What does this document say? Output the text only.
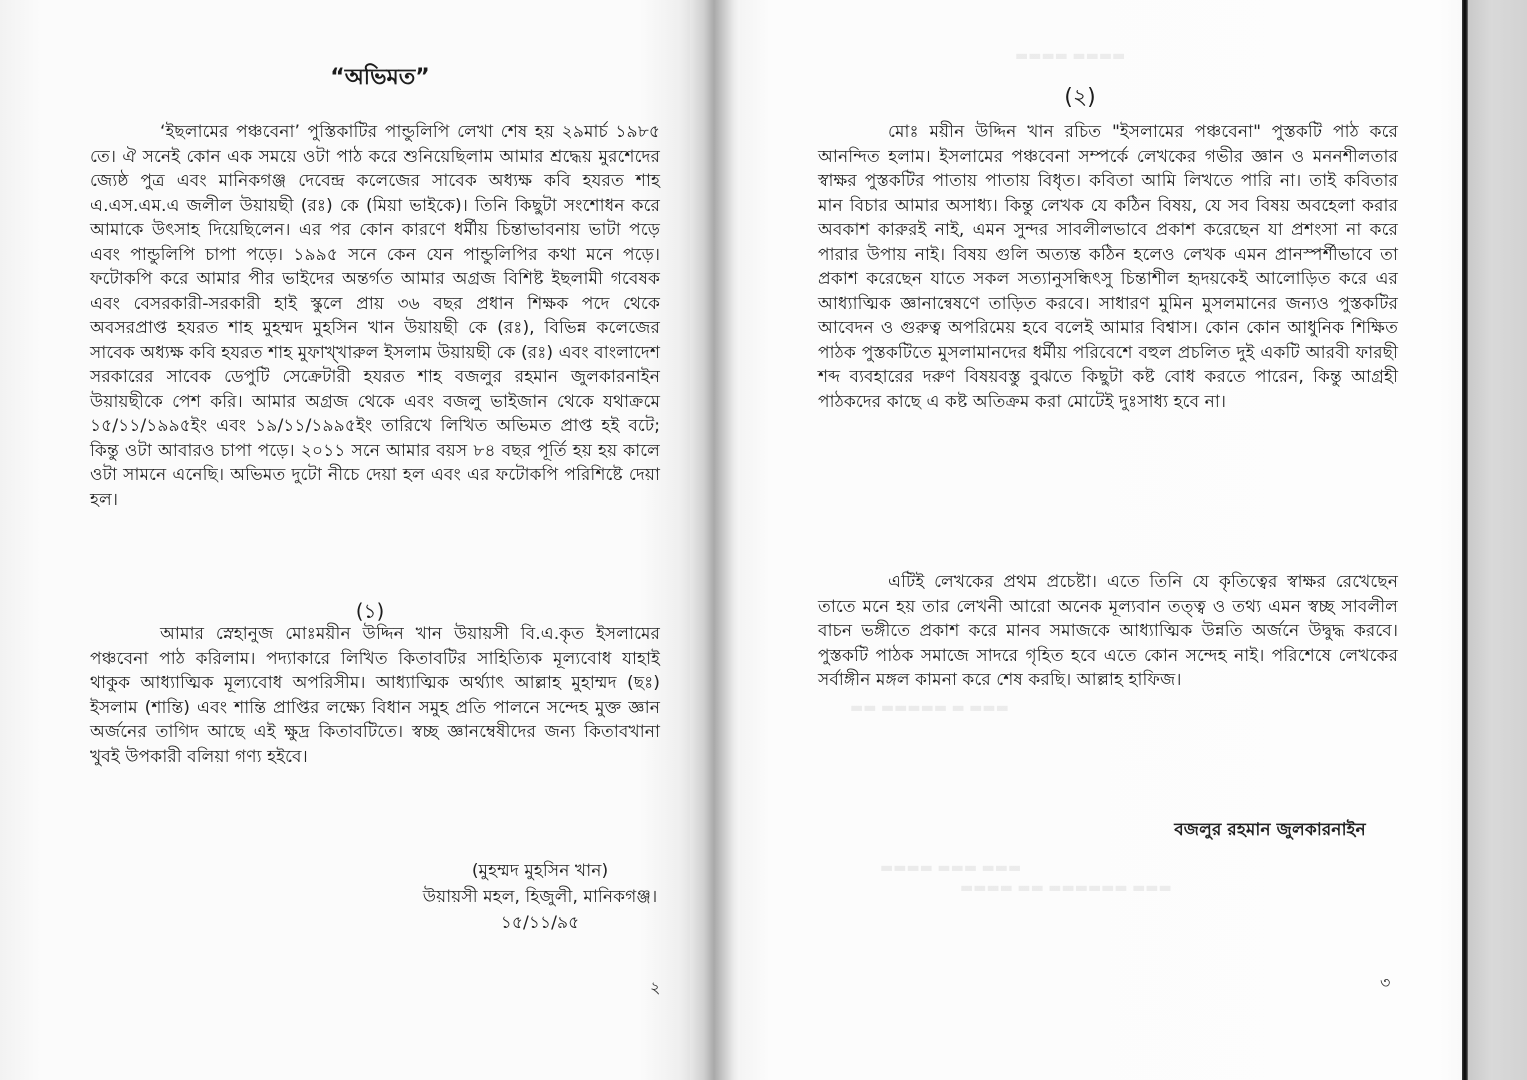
“অভিমত”

‘ইছলামের পঞ্চবেনা’ পুস্তিকাটির পান্ডুলিপি লেখা শেষ হয় ২৯মার্চ ১৯৮৫ তে। ঐ সনেই কোন এক সময়ে ওটা পাঠ করে শুনিয়েছিলাম আমার শ্রদ্ধেয় মুরশেদের জ্যেষ্ঠ পুত্র এবং মানিকগঞ্জ দেবেন্দ্র কলেজের সাবেক অধ্যক্ষ কবি হযরত শাহ এ.এস.এম.এ জলীল উয়ায়ছী (রঃ) কে (মিয়া ভাইকে)। তিনি কিছুটা সংশোধন করে আমাকে উৎসাহ দিয়েছিলেন। এর পর কোন কারণে ধর্মীয় চিন্তাভাবনায় ভাটা পড়ে এবং পান্ডুলিপি চাপা পড়ে। ১৯৯৫ সনে কেন যেন পান্ডুলিপির কথা মনে পড়ে। ফটোকপি করে আমার পীর ভাইদের অন্তর্গত আমার অগ্রজ বিশিষ্ট ইছলামী গবেষক এবং বেসরকারী-সরকারী হাই স্কুলে প্রায় ৩৬ বছর প্রধান শিক্ষক পদে থেকে অবসরপ্রাপ্ত হযরত শাহ মুহম্মদ মুহসিন খান উয়ায়ছী কে (রঃ), বিভিন্ন কলেজের সাবেক অধ্যক্ষ কবি হযরত শাহ মুফাখ্খারুল ইসলাম উয়ায়ছী কে (রঃ) এবং বাংলাদেশ সরকারের সাবেক ডেপুটি সেক্রেটারী হযরত শাহ বজলুর রহমান জুলকারনাইন উয়ায়ছীকে পেশ করি। আমার অগ্রজ থেকে এবং বজলু ভাইজান থেকে যথাক্রমে ১৫/১১/১৯৯৫ইং এবং ১৯/১১/১৯৯৫ইং তারিখে লিখিত অভিমত প্রাপ্ত হই বটে; কিন্তু ওটা আবারও চাপা পড়ে। ২০১১ সনে আমার বয়স ৮৪ বছর পূর্তি হয় হয় কালে ওটা সামনে এনেছি। অভিমত দুটো নীচে দেয়া হল এবং এর ফটোকপি পরিশিষ্টে দেয়া হল।

(১)

আমার স্নেহানুজ মোঃময়ীন উদ্দিন খান উয়ায়সী বি.এ.কৃত ইসলামের পঞ্চবেনা পাঠ করিলাম। পদ্যাকারে লিখিত কিতাবটির সাহিত্যিক মূল্যবোধ যাহাই থাকুক আধ্যাত্মিক মূল্যবোধ অপরিসীম। আধ্যাত্মিক অর্থ্যাৎ আল্লাহ মুহাম্মদ (ছঃ) ইসলাম (শান্তি) এবং শান্তি প্রাপ্তির লক্ষ্যে বিধান সমুহ প্রতি পালনে সন্দেহ মুক্ত জ্ঞান অর্জনের তাগিদ আছে এই ক্ষুদ্র কিতাবটিতে। স্বচ্ছ জ্ঞানম্বেষীদের জন্য কিতাবখানা খুবই উপকারী বলিয়া গণ্য হইবে।

(মুহম্মদ মুহসিন খান)
উয়ায়সী মহল, হিজুলী, মানিকগঞ্জ।
১৫/১১/৯৫
২
▬▬▬▬ ▬▬▬▬
(২)

মোঃ ময়ীন উদ্দিন খান রচিত "ইসলামের পঞ্চবেনা" পুস্তকটি পাঠ করে আনন্দিত হলাম। ইসলামের পঞ্চবেনা সম্পর্কে লেখকের গভীর জ্ঞান ও মননশীলতার স্বাক্ষর পুস্তকটির পাতায় পাতায় বিধৃত। কবিতা আমি লিখতে পারি না। তাই কবিতার মান বিচার আমার অসাধ্য। কিন্তু লেখক যে কঠিন বিষয়, যে সব বিষয় অবহেলা করার অবকাশ কারুরই নাই, এমন সুন্দর সাবলীলভাবে প্রকাশ করেছেন যা প্রশংসা না করে পারার উপায় নাই। বিষয় গুলি অত্যন্ত কঠিন হলেও লেখক এমন প্রানস্পর্শীভাবে তা প্রকাশ করেছেন যাতে সকল সত্যানুসন্ধিৎসু চিন্তাশীল হৃদয়কেই আলোড়িত করে এর আধ্যাত্মিক জ্ঞানান্বেষণে তাড়িত করবে। সাধারণ মুমিন মুসলমানের জন্যও পুস্তকটির আবেদন ও গুরুত্ব অপরিমেয় হবে বলেই আমার বিশ্বাস। কোন কোন আধুনিক শিক্ষিত পাঠক পুস্তকটিতে মুসলামানদের ধর্মীয় পরিবেশে বহুল প্রচলিত দুই একটি আরবী ফারছী শব্দ ব্যবহারের দরুণ বিষয়বস্তু বুঝতে কিছুটা কষ্ট বোধ করতে পারেন, কিন্তু আগ্রহী পাঠকদের কাছে এ কষ্ট অতিক্রম করা মোটেই দুঃসাধ্য হবে না।

এটিই লেখকের প্রথম প্রচেষ্টা। এতে তিনি যে কৃতিত্বের স্বাক্ষর রেখেছেন তাতে মনে হয় তার লেখনী আরো অনেক মূল্যবান তত্ত্ব ও তথ্য এমন স্বচ্ছ সাবলীল বাচন ভঙ্গীতে প্রকাশ করে মানব সমাজকে আধ্যাত্মিক উন্নতি অর্জনে উদ্বুদ্ধ করবে। পুস্তকটি পাঠক সমাজে সাদরে গৃহিত হবে এতে কোন সন্দেহ নাই। পরিশেষে লেখকের সর্বাঙ্গীন মঙ্গল কামনা করে শেষ করছি। আল্লাহ হাফিজ।

▬▬ ▬▬▬▬▬ ▬ ▬▬▬
▬▬▬▬ ▬▬▬ ▬▬▬
▬▬▬▬ ▬▬ ▬▬▬▬▬▬ ▬▬▬
বজলুর রহমান জুলকারনাইন
৩
